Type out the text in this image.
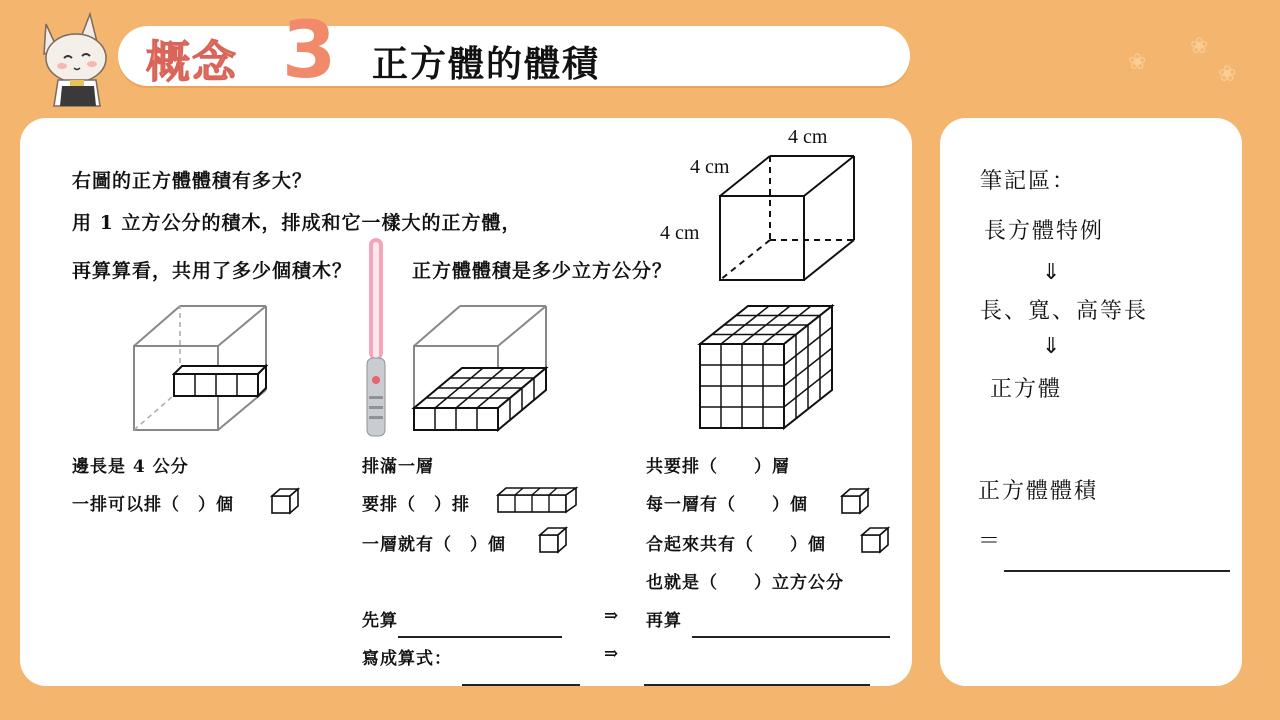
❀
❀
❀
概念 3 正方體的體積
右圖的正方體體積有多大？
用 1 立方公分的積木，排成和它一樣大的正方體，
再算算看，共用了多少個積木？	正方體體積是多少立方公分？
4 cm
4 cm
4 cm
邊長是 4 公分
一排可以排（　）個
排滿一層
要排（　）排
一層就有（　）個
共要排（　　）層
每一層有（　　）個
合起來共有（　　）個
也就是（　　）立方公分
先算	⇒ 再算
寫成算式：	⇒
筆記區：
長方體特例
⇓
長、寬、高等長
⇓
正方體
正方體體積
＝
